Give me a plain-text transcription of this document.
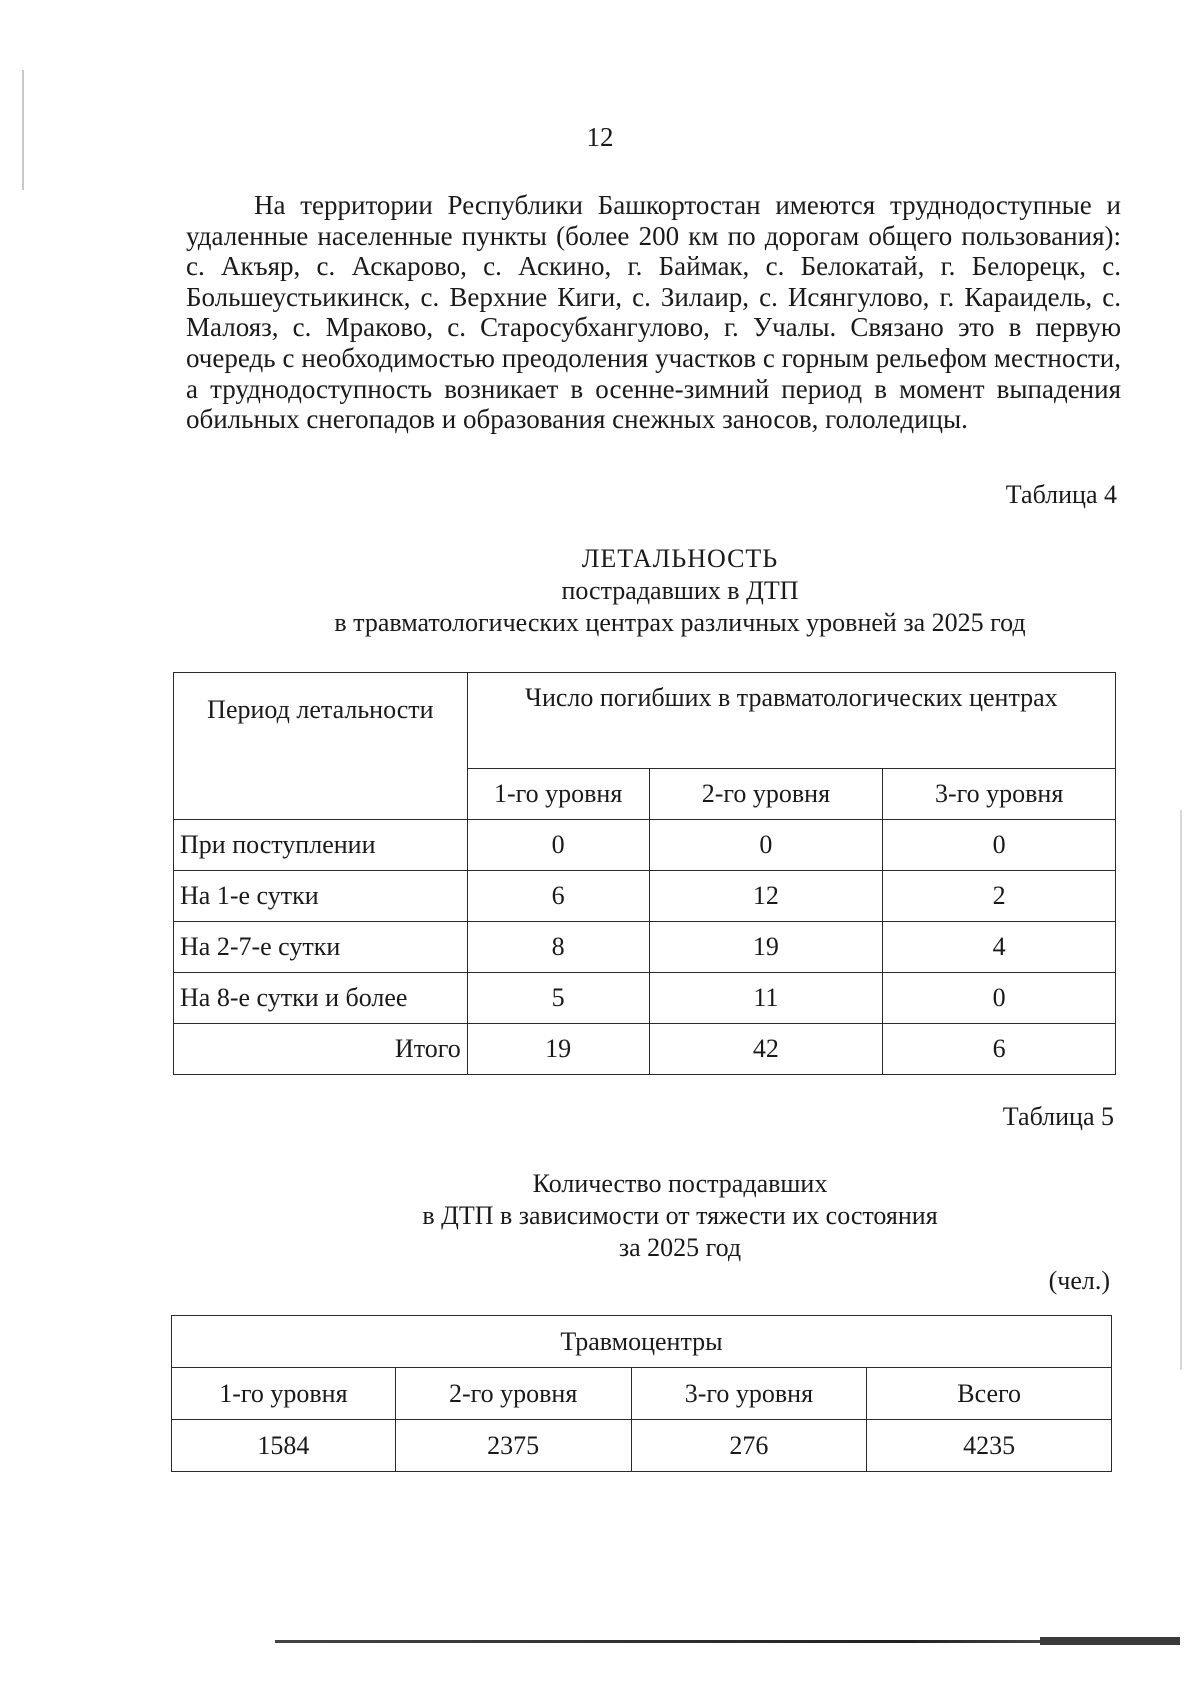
12

На территории Республики Башкортостан имеются труднодоступные и удаленные населенные пункты (более 200 км по дорогам общего пользования): с. Акъяр, с. Аскарово, с. Аскино, г. Баймак, с. Белокатай, г. Белорецк, с. Большеустьикинск, с. Верхние Киги, с. Зилаир, с. Исянгулово, г. Караидель, с. Малояз, с. Мраково, с. Старосубхангулово, г. Учалы. Связано это в первую очередь с необходимостью преодоления участков с горным рельефом местности, а труднодоступность возникает в осенне-зимний период в момент выпадения обильных снегопадов и образования снежных заносов, гололедицы.

Таблица 4
ЛЕТАЛЬНОСТЬ
пострадавших в ДТП
в травматологических центрах различных уровней за 2025 год
Период летальности	Число погибших в травматологических центрах		
	1-го уровня	2-го уровня	3-го уровня
При поступлении	0	0	0
На 1-е сутки	6	12	2
На 2-7-е сутки	8	19	4
На 8-е сутки и более	5	11	0
Итого	19	42	6
Таблица 5
Количество пострадавших
в ДТП в зависимости от тяжести их состояния
за 2025 год
(чел.)
Травмоцентры			
1-го уровня	2-го уровня	3-го уровня	Всего
1584	2375	276	4235
